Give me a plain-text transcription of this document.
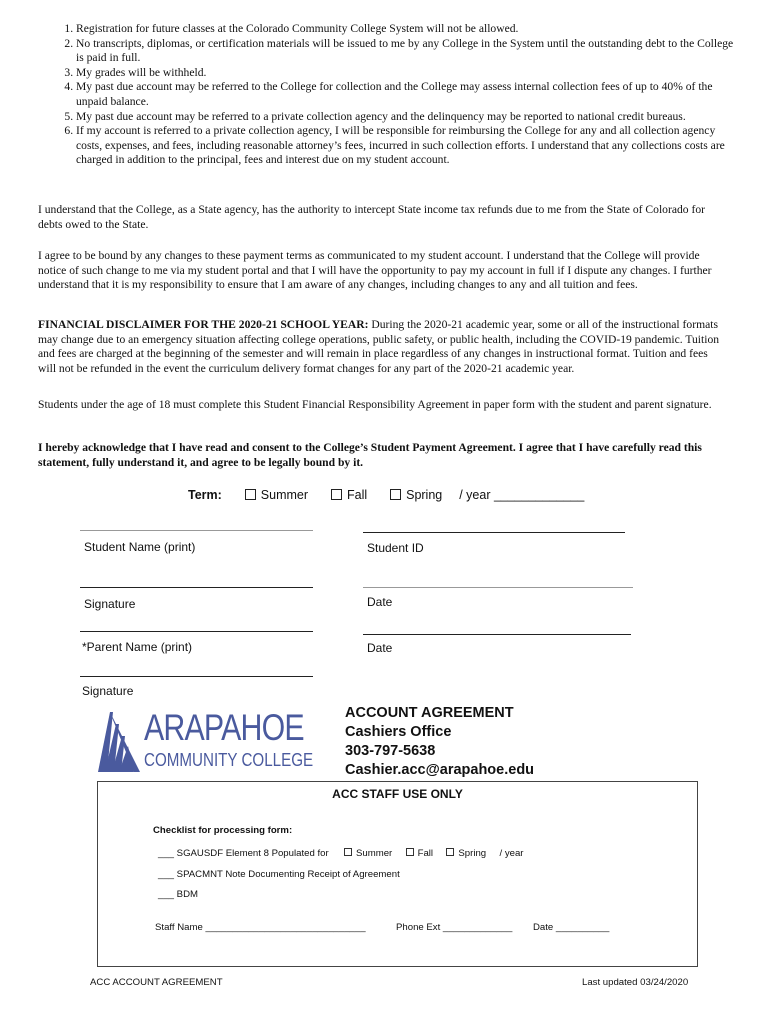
1. Registration for future classes at the Colorado Community College System will not be allowed.
2. No transcripts, diplomas, or certification materials will be issued to me by any College in the System until the outstanding debt to the College is paid in full.
3. My grades will be withheld.
4. My past due account may be referred to the College for collection and the College may assess internal collection fees of up to 40% of the unpaid balance.
5. My past due account may be referred to a private collection agency and the delinquency may be reported to national credit bureaus.
6. If my account is referred to a private collection agency, I will be responsible for reimbursing the College for any and all collection agency costs, expenses, and fees, including reasonable attorney’s fees, incurred in such collection efforts. I understand that any collections costs are charged in addition to the principal, fees and interest due on my student account.

I understand that the College, as a State agency, has the authority to intercept State income tax refunds due to me from the State of Colorado for debts owed to the State.

I agree to be bound by any changes to these payment terms as communicated to my student account. I understand that the College will provide notice of such change to me via my student portal and that I will have the opportunity to pay my account in full if I dispute any changes. I further understand that it is my responsibility to ensure that I am aware of any changes, including changes to any and all tuition and fees.

FINANCIAL DISCLAIMER FOR THE 2020-21 SCHOOL YEAR: During the 2020-21 academic year, some or all of the instructional formats may change due to an emergency situation affecting college operations, public safety, or public health, including the COVID-19 pandemic. Tuition and fees are charged at the beginning of the semester and will remain in place regardless of any changes in instructional format. Tuition and fees will not be refunded in the event the curriculum delivery format changes for any part of the 2020-21 academic year.

Students under the age of 18 must complete this Student Financial Responsibility Agreement in paper form with the student and parent signature.

I hereby acknowledge that I have read and consent to the College’s Student Payment Agreement. I agree that I have carefully read this statement, fully understand it, and agree to be legally bound by it.

Term:	Summer	Fall	Spring / year _____________
Student Name (print)	Student ID
Signature	Date
*Parent Name (print)	Date
Signature
ARAPAHOE
COMMUNITY COLLEGE
ACCOUNT AGREEMENT
Cashiers Office
303-797-5638
Cashier.acc@arapahoe.edu
ACC STAFF USE ONLY
Checklist for processing form:
___ SGAUSDF Element 8 Populated for	Summer	Fall	Spring / year
___ SPACMNT Note Documenting Receipt of Agreement
___ BDM
Staff Name ______________________________	Phone Ext _____________ Date __________
ACC ACCOUNT AGREEMENT	Last updated 03/24/2020
